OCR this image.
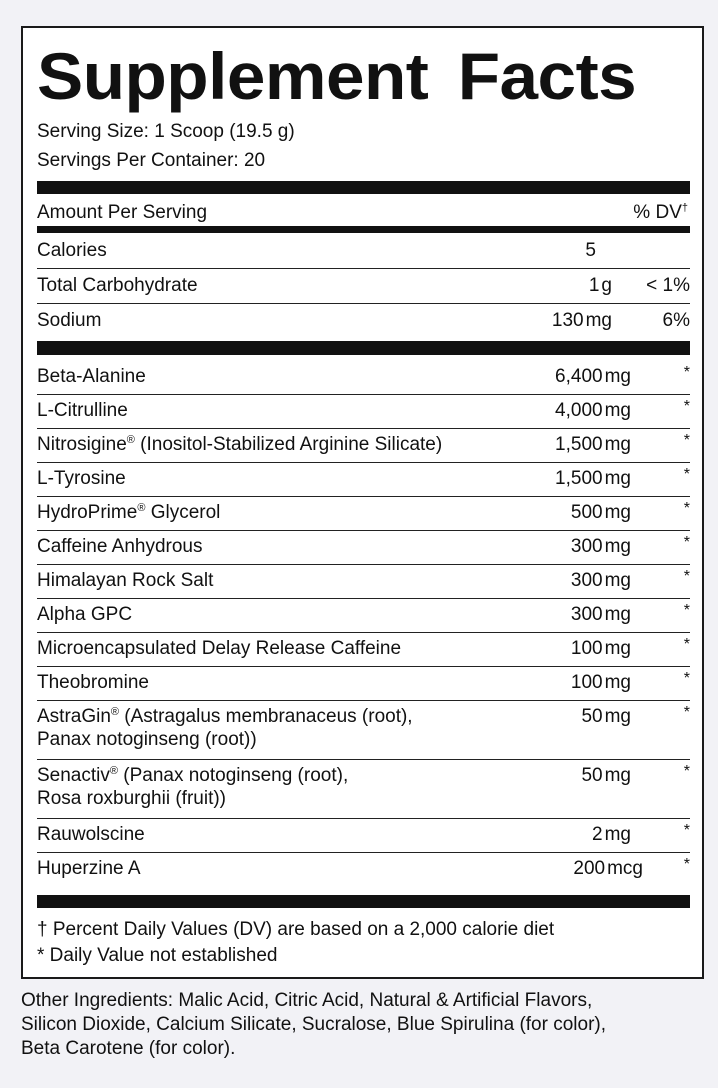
Supplement Facts
Serving Size: 1 Scoop (19.5 g)
Servings Per Container: 20
Amount Per Serving	% DV†
Calories	5
Total Carbohydrate	1 g < 1%
Sodium	130 mg	6%
Beta-Alanine	6,400 mg	*
L-Citrulline	4,000 mg	*
Nitrosigine® (Inositol-Stabilized Arginine Silicate)	1,500 mg	*
L-Tyrosine	1,500 mg	*
HydroPrime® Glycerol	500 mg	*
Caffeine Anhydrous	300 mg	*
Himalayan Rock Salt	300 mg	*
Alpha GPC	300 mg	*
Microencapsulated Delay Release Caffeine	100 mg	*
Theobromine	100 mg	*
AstraGin® (Astragalus membranaceus (root),
Panax notoginseng (root))
50 mg	*
Senactiv® (Panax notoginseng (root),
Rosa roxburghii (fruit))
50 mg	*
Rauwolscine	2 mg	*
Huperzine A	200 mcg	*
† Percent Daily Values (DV) are based on a 2,000 calorie diet
* Daily Value not established
Other Ingredients: Malic Acid, Citric Acid, Natural & Artificial Flavors,
Silicon Dioxide, Calcium Silicate, Sucralose, Blue Spirulina (for color),
Beta Carotene (for color).
